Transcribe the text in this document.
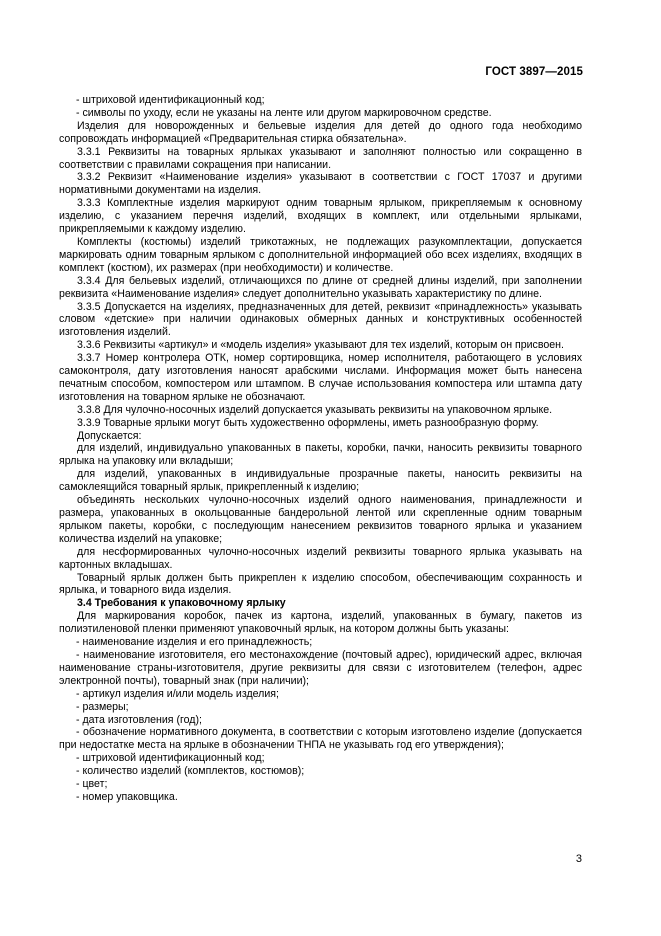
ГОСТ 3897—2015

- штриховой идентификационный код;

- символы по уходу, если не указаны на ленте или другом маркировочном средстве.

Изделия для новорожденных и бельевые изделия для детей до одного года необходимо сопровождать информацией «Предварительная стирка обязательна».

3.3.1 Реквизиты на товарных ярлыках указывают и заполняют полностью или сокращенно в соответствии с правилами сокращения при написании.

3.3.2 Реквизит «Наименование изделия» указывают в соответствии с ГОСТ 17037 и другими нормативными документами на изделия.

3.3.3 Комплектные изделия маркируют одним товарным ярлыком, прикрепляемым к основному изделию, с указанием перечня изделий, входящих в комплект, или отдельными ярлыками, прикрепляемыми к каждому изделию.

Комплекты (костюмы) изделий трикотажных, не подлежащих разукомплектации, допускается маркировать одним товарным ярлыком с дополнительной информацией обо всех изделиях, входящих в комплект (костюм), их размерах (при необходимости) и количестве.

3.3.4 Для бельевых изделий, отличающихся по длине от средней длины изделий, при заполнении реквизита «Наименование изделия» следует дополнительно указывать характеристику по длине.

3.3.5 Допускается на изделиях, предназначенных для детей, реквизит «принадлежность» указывать словом «детские» при наличии одинаковых обмерных данных и конструктивных особенностей изготовления изделий.

3.3.6 Реквизиты «артикул» и «модель изделия» указывают для тех изделий, которым он присвоен.

3.3.7 Номер контролера ОТК, номер сортировщика, номер исполнителя, работающего в условиях самоконтроля, дату изготовления наносят арабскими числами. Информация может быть нанесена печатным способом, компостером или штампом. В случае использования компостера или штампа дату изготовления на товарном ярлыке не обозначают.

3.3.8 Для чулочно-носочных изделий допускается указывать реквизиты на упаковочном ярлыке.

3.3.9 Товарные ярлыки могут быть художественно оформлены, иметь разнообразную форму.

Допускается:

для изделий, индивидуально упакованных в пакеты, коробки, пачки, наносить реквизиты товарного ярлыка на упаковку или вкладыши;

для изделий, упакованных в индивидуальные прозрачные пакеты, наносить реквизиты на самоклеящийся товарный ярлык, прикрепленный к изделию;

объединять нескольких чулочно-носочных изделий одного наименования, принадлежности и размера, упакованных в окольцованные бандерольной лентой или скрепленные одним товарным ярлыком пакеты, коробки, с последующим нанесением реквизитов товарного ярлыка и указанием количества изделий на упаковке;

для несформированных чулочно-носочных изделий реквизиты товарного ярлыка указывать на картонных вкладышах.

Товарный ярлык должен быть прикреплен к изделию способом, обеспечивающим сохранность и ярлыка, и товарного вида изделия.

3.4 Требования к упаковочному ярлыку

Для маркирования коробок, пачек из картона, изделий, упакованных в бумагу, пакетов из полиэтиленовой пленки применяют упаковочный ярлык, на котором должны быть указаны:

- наименование изделия и его принадлежность;

- наименование изготовителя, его местонахождение (почтовый адрес), юридический адрес, включая наименование страны-изготовителя, другие реквизиты для связи с изготовителем (телефон, адрес электронной почты), товарный знак (при наличии);

- артикул изделия и/или модель изделия;

- размеры;

- дата изготовления (год);

- обозначение нормативного документа, в соответствии с которым изготовлено изделие (допускается при недостатке места на ярлыке в обозначении ТНПА не указывать год его утверждения);

- штриховой идентификационный код;

- количество изделий (комплектов, костюмов);

- цвет;

- номер упаковщика.

3
